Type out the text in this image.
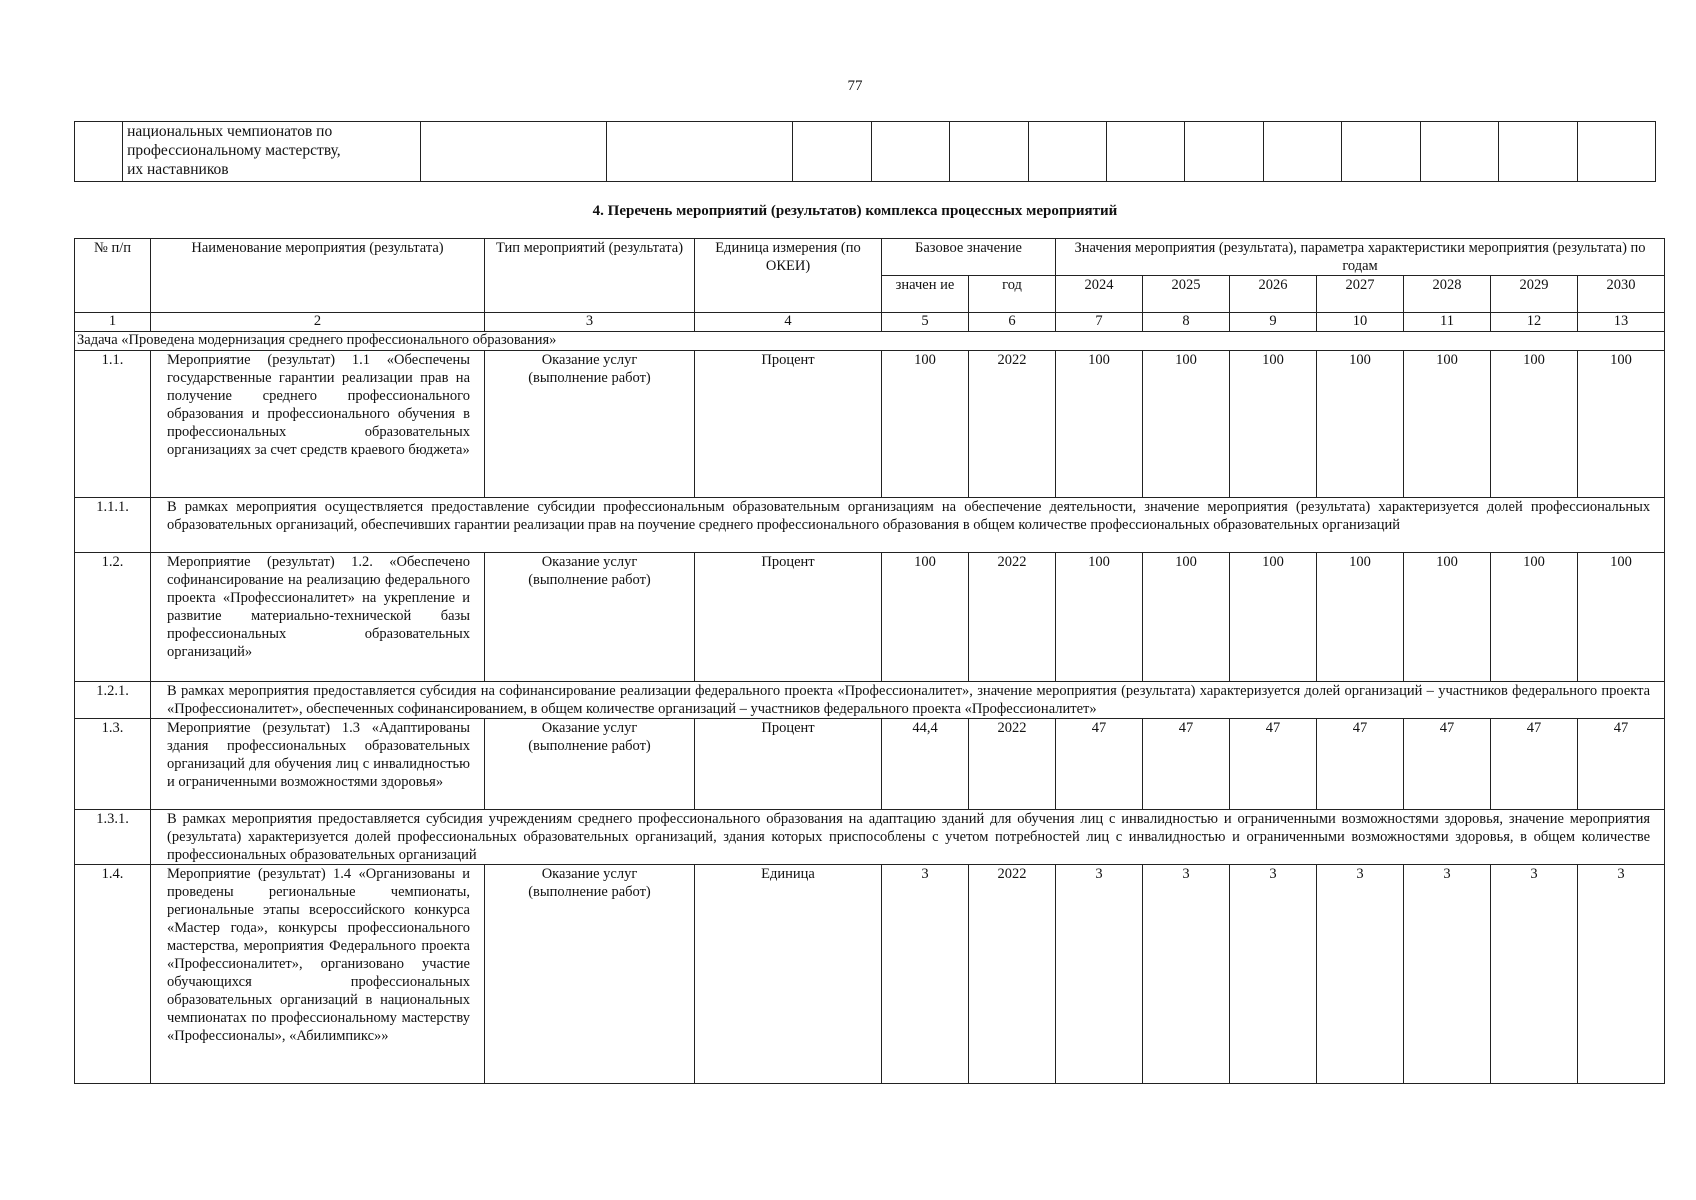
77

национальных чемпионатов по
профессиональному мастерству,
их наставников

4. Перечень мероприятий (результатов) комплекса процессных мероприятий
№ п/п	Наименование мероприятия (результата)	Тип мероприятий (результата)	Единица измерения (по ОКЕИ)	Базовое значение		Значения мероприятия (результата), параметра характеристики мероприятия (результата) по годам						
				значен ие	год	2024	2025	2026	2027	2028	2029	2030
1	2	3	4	5	6	7	8	9	10	11	12	13
Задача «Проведена модернизация среднего профессионального образования»												
1.1.	Мероприятие (результат) 1.1 «Обеспечены государственные гарантии реализации прав на получение среднего профессионального образования и профессионального обучения в профессиональных образовательных организациях за счет средств краевого бюджета»	Оказание услуг (выполнение работ)	Процент	100	2022	100	100	100	100	100	100	100
1.1.1.	В рамках мероприятия осуществляется предоставление субсидии профессиональным образовательным организациям на обеспечение деятельности, значение мероприятия (результата) характеризуется долей профессиональных образовательных организаций, обеспечивших гарантии реализации прав на поучение среднего профессионального образования в общем количестве профессиональных образовательных организаций											
1.2.	Мероприятие (результат) 1.2. «Обеспечено софинансирование на реализацию федерального проекта «Профессионалитет» на укрепление и развитие материально-технической базы профессиональных образовательных организаций»	Оказание услуг (выполнение работ)	Процент	100	2022	100	100	100	100	100	100	100
1.2.1.	В рамках мероприятия предоставляется субсидия на софинансирование реализации федерального проекта «Профессионалитет», значение мероприятия (результата) характеризуется долей организаций – участников федерального проекта «Профессионалитет», обеспеченных софинансированием, в общем количестве организаций – участников федерального проекта «Профессионалитет»											
1.3.	Мероприятие (результат) 1.3 «Адаптированы здания профессиональных образовательных организаций для обучения лиц с инвалидностью и ограниченными возможностями здоровья»	Оказание услуг (выполнение работ)	Процент	44,4	2022	47	47	47	47	47	47	47
1.3.1.	В рамках мероприятия предоставляется субсидия учреждениям среднего профессионального образования на адаптацию зданий для обучения лиц с инвалидностью и ограниченными возможностями здоровья, значение мероприятия (результата) характеризуется долей профессиональных образовательных организаций, здания которых приспособлены с учетом потребностей лиц с инвалидностью и ограниченными возможностями здоровья, в общем количестве профессиональных образовательных организаций											
1.4.	Мероприятие (результат) 1.4 «Организованы и проведены региональные чемпионаты, региональные этапы всероссийского конкурса «Мастер года», конкурсы профессионального мастерства, мероприятия Федерального проекта «Профессионалитет», организовано участие обучающихся профессиональных образовательных организаций в национальных чемпионатах по профессиональному мастерству «Профессионалы», «Абилимпикс»»	Оказание услуг (выполнение работ)	Единица	3	2022	3	3	3	3	3	3	3
